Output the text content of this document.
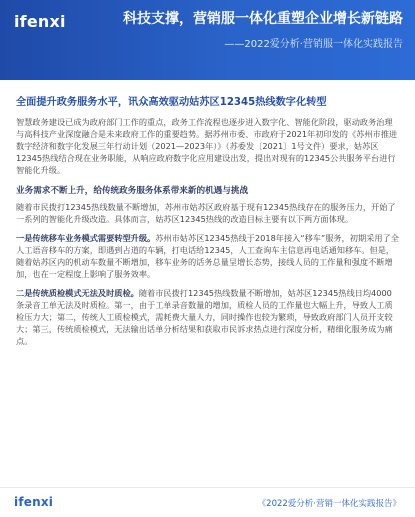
ifenxi	科技支撑，营销服一体化重塑企业增长新链路
——2022爱分析·营销服一体化实践报告
全面提升政务服务水平，讯众高效驱动姑苏区12345热线数字化转型

智慧政务建设已成为政府部门工作的重点，政务工作流程也逐步进入数字化、智能化阶段，驱动政务治理与高科技产业深度融合是未来政府工作的重要趋势。据苏州市委、市政府于2021年初印发的《苏州市推进数字经济和数字化发展三年行动计划（2021—2023年）》（苏委发〔2021〕1号文件）要求，姑苏区12345热线结合现在业务职能，从响应政府数字化应用建设出发，提出对现有的12345公共服务平台进行智能化升级。

业务需求不断上升，给传统政务服务体系带来新的机遇与挑战

随着市民拨打12345热线数量不断增加，苏州市姑苏区政府基于现有12345热线存在的服务压力，开始了一系列的智能化升级改造。具体而言，姑苏区12345热线的改造目标主要有以下两方面体现。

一是传统移车业务模式需要转型升级。苏州市姑苏区12345热线于2018年接入“移车”服务，初期采用了全人工语音移车的方案，即遇到占道的车辆，打电话给12345，人工查询车主信息再电话通知移车。但是，随着姑苏区内的机动车数量不断增加，移车业务的话务总量呈增长态势，接线人员的工作量和强度不断增加，也在一定程度上影响了服务效率。

二是传统质检模式无法及时质检。随着市民拨打12345热线数量不断增加，姑苏区12345热线日均4000条录音工单无法及时质检。第一，由于工单录音数量的增加，质检人员的工作量也大幅上升，导致人工质检压力大；第二，传统人工质检模式，需耗费大量人力，同时操作也较为繁琐，导致政府部门人员开支较大；第三，传统质检模式，无法输出话单分析结果和获取市民诉求热点进行深度分析，精细化服务成为痛点。

ifenxi	《2022爱分析·营销一体化实践报告》
